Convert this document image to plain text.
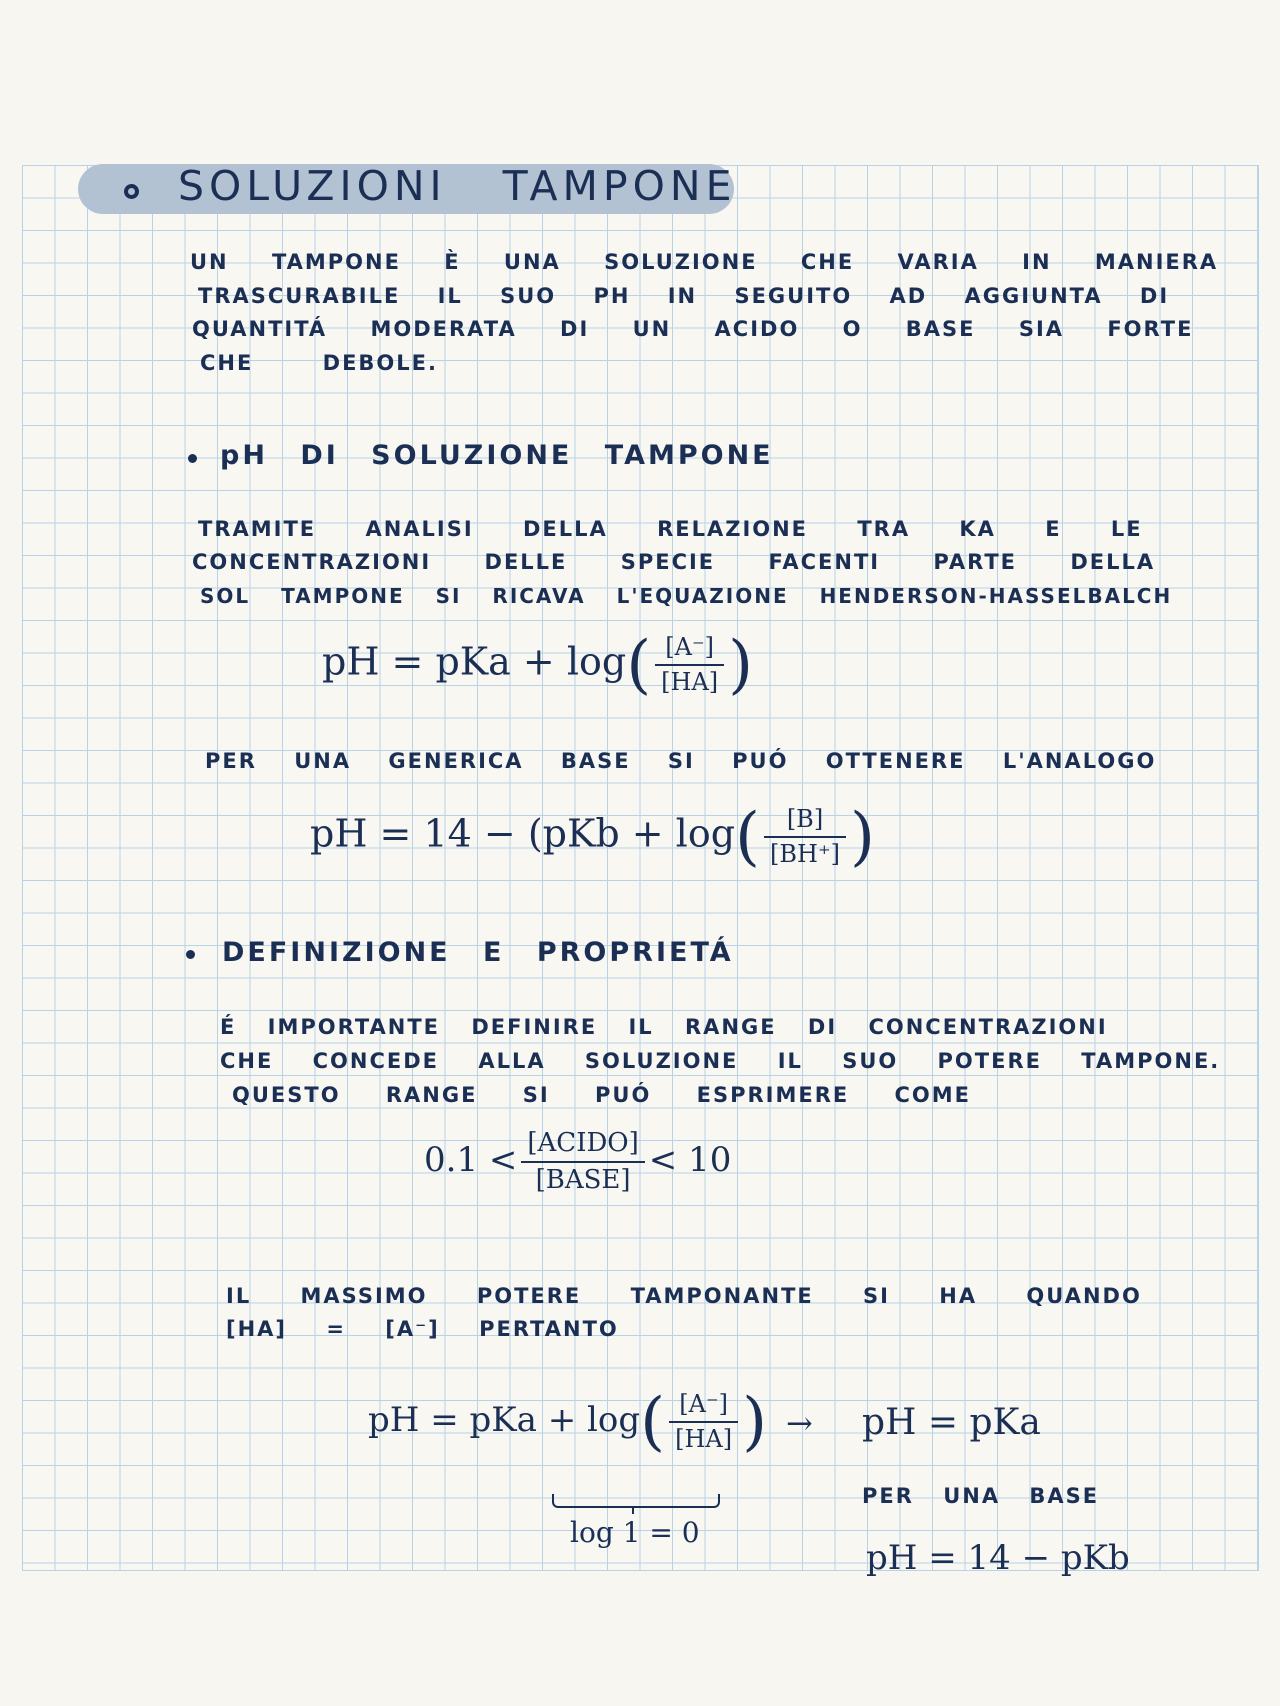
SOLUZIONI TAMPONE
UN TAMPONE È UNA SOLUZIONE CHE VARIA IN MANIERA
TRASCURABILE IL SUO PH IN SEGUITO AD AGGIUNTA DI
QUANTITÁ MODERATA DI UN ACIDO O BASE SIA FORTE
CHE DEBOLE.
pH DI SOLUZIONE TAMPONE
TRAMITE ANALISI DELLA RELAZIONE TRA KA E LE
CONCENTRAZIONI DELLE SPECIE FACENTI PARTE DELLA
SOL TAMPONE SI RICAVA L'EQUAZIONE HENDERSON-HASSELBALCH
pH = pKa + $\log( \frac{[A^-]}{[HA]}$ )
PER UNA GENERICA BASE SI PUÓ OTTENERE L'ANALOGO
pH = $14 - (pKb + \log( \frac{[B]}{[BH^+]}$ )
DEFINIZIONE E PROPRIETÁ
É IMPORTANTE DEFINIRE IL RANGE DI CONCENTRAZIONI
CHE CONCEDE ALLA SOLUZIONE IL SUO POTERE TAMPONE.
QUESTO RANGE SI PUÓ ESPRIMERE COME
$0.1 < \frac{\text{[ACIDO]}}{\text{[BASE]}} < 10$
IL MASSIMO POTERE TAMPONANTE SI HA QUANDO
[HA] = [A⁻] PERTANTO
pH = pKa + $\log( \frac{[A^-]}{[HA]}$ )
log 1 = 0
→ pH = pKa
PER UNA BASE
pH = 14 − pKb
